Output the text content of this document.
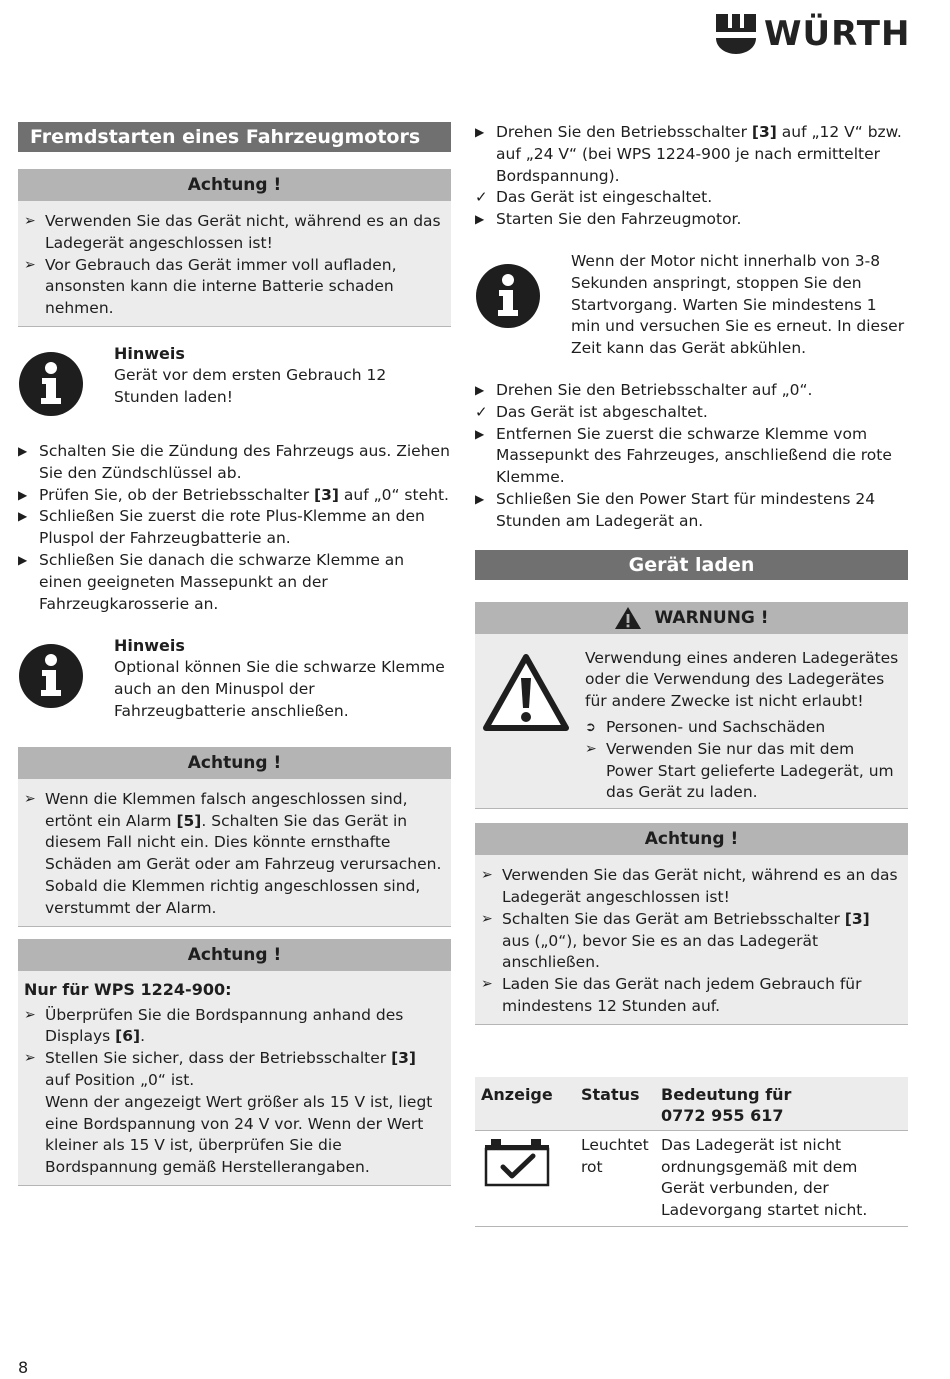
WÜRTH
Fremdstarten eines Fahrzeugmotors
Achtung !
➢ Verwenden Sie das Gerät nicht, während es an das Ladegerät angeschlossen ist!
➢ Vor Gebrauch das Gerät immer voll aufladen, ansonsten kann die interne Batterie schaden nehmen.
Hinweis
Gerät vor dem ersten Gebrauch 12 Stunden laden!
▶ Schalten Sie die Zündung des Fahrzeugs aus. Ziehen Sie den Zündschlüssel ab.
▶ Prüfen Sie, ob der Betriebsschalter [3] auf „0“ steht.
▶ Schließen Sie zuerst die rote Plus-Klemme an den Pluspol der Fahrzeugbatterie an.
▶ Schließen Sie danach die schwarze Klemme an einen geeigneten Massepunkt an der Fahrzeugkarosserie an.
Hinweis
Optional können Sie die schwarze Klemme auch an den Minuspol der Fahrzeugbatterie anschließen.
Achtung !
➢ Wenn die Klemmen falsch angeschlossen sind, ertönt ein Alarm [5]. Schalten Sie das Gerät in diesem Fall nicht ein. Dies könnte ernsthafte Schäden am Gerät oder am Fahrzeug verursachen. Sobald die Klemmen richtig angeschlossen sind, verstummt der Alarm.
Achtung !
Nur für WPS 1224-900:
➢ Überprüfen Sie die Bordspannung anhand des Displays [6].
➢ Stellen Sie sicher, dass der Betriebsschalter [3] auf Position „0“ ist.
Wenn der angezeigt Wert größer als 15 V ist, liegt eine Bordspannung von 24 V vor. Wenn der Wert kleiner als 15 V ist, überprüfen Sie die Bordspannung gemäß Herstellerangaben.
▶ Drehen Sie den Betriebsschalter [3] auf „12 V“ bzw. auf „24 V“ (bei WPS 1224-900 je nach ermittelter Bordspannung).
✓ Das Gerät ist eingeschaltet.
▶ Starten Sie den Fahrzeugmotor.
Wenn der Motor nicht innerhalb von 3-8 Sekunden anspringt, stoppen Sie den Startvorgang. Warten Sie mindestens 1 min und versuchen Sie es erneut. In dieser Zeit kann das Gerät abkühlen.
▶ Drehen Sie den Betriebsschalter auf „0“.
✓ Das Gerät ist abgeschaltet.
▶ Entfernen Sie zuerst die schwarze Klemme vom Massepunkt des Fahrzeuges, anschließend die rote Klemme.
▶ Schließen Sie den Power Start für mindestens 24 Stunden am Ladegerät an.
Gerät laden
WARNUNG !
Verwendung eines anderen Ladegerätes oder die Verwendung des Ladegerätes für andere Zwecke ist nicht erlaubt!
➲ Personen- und Sachschäden
➢ Verwenden Sie nur das mit dem Power Start gelieferte Ladegerät, um das Gerät zu laden.
Achtung !
➢ Verwenden Sie das Gerät nicht, während es an das Ladegerät angeschlossen ist!
➢ Schalten Sie das Gerät am Betriebsschalter [3] aus („0“), bevor Sie es an das Ladegerät anschließen.
➢ Laden Sie das Gerät nach jedem Gebrauch für mindestens 12 Stunden auf.
Anzeige	Status	Bedeutung für
0772 955 617
	Leuchtet rot	Das Ladegerät ist nicht ordnungsgemäß mit dem Gerät verbunden, der Ladevorgang startet nicht.
8
